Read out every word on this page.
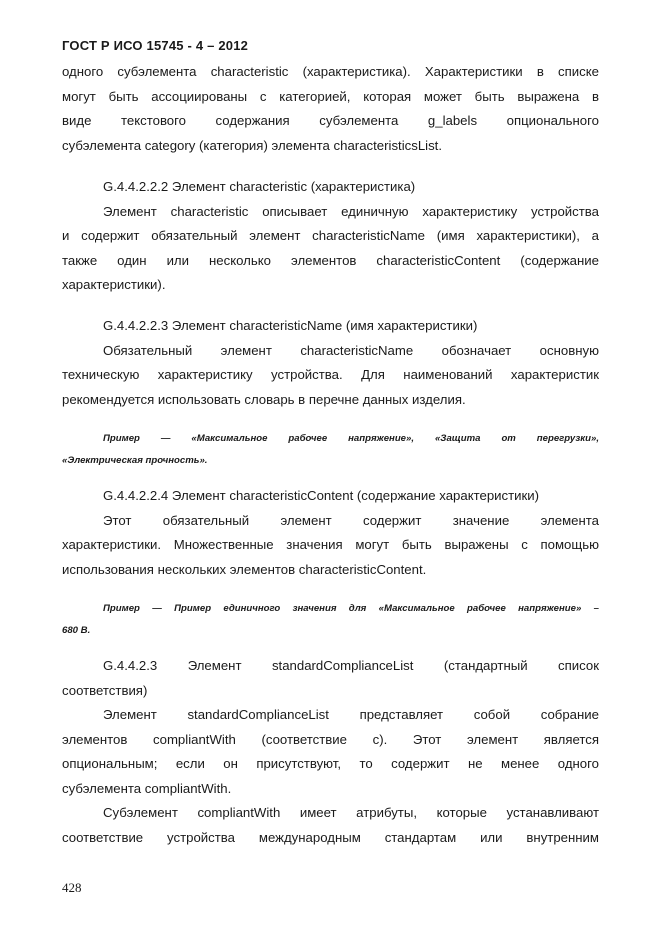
ГОСТ Р ИСО 15745 - 4 – 2012
одного субэлемента characteristic (характеристика). Характеристики в списке
могут быть ассоциированы с категорией, которая может быть выражена в
виде текстового содержания субэлемента g_labels опционального
субэлемента category (категория) элемента characteristicsList.
G.4.4.2.2.2 Элемент characteristic (характеристика)
Элемент characteristic описывает единичную характеристику устройства
и содержит обязательный элемент characteristicName (имя характеристики), а
также один или несколько элементов characteristicContent (содержание
характеристики).
G.4.4.2.2.3 Элемент characteristicName (имя характеристики)
Обязательный элемент characteristicName обозначает основную
техническую характеристику устройства. Для наименований характеристик
рекомендуется использовать словарь в перечне данных изделия.
Пример — «Максимальное рабочее напряжение», «Защита от перегрузки»,
«Электрическая прочность».
G.4.4.2.2.4 Элемент characteristicContent (содержание характеристики)
Этот обязательный элемент содержит значение элемента
характеристики. Множественные значения могут быть выражены с помощью
использования нескольких элементов characteristicContent.
Пример — Пример единичного значения для «Максимальное рабочее напряжение» –
680 В.
G.4.4.2.3 Элемент standardComplianceList (стандартный список
соответствия)
Элемент standardComplianceList представляет собой собрание
элементов compliantWith (соответствие с). Этот элемент является
опциональным; если он присутствуют, то содержит не менее одного
субэлемента compliantWith.
Субэлемент compliantWith имеет атрибуты, которые устанавливают
соответствие устройства международным стандартам или внутренним
428
